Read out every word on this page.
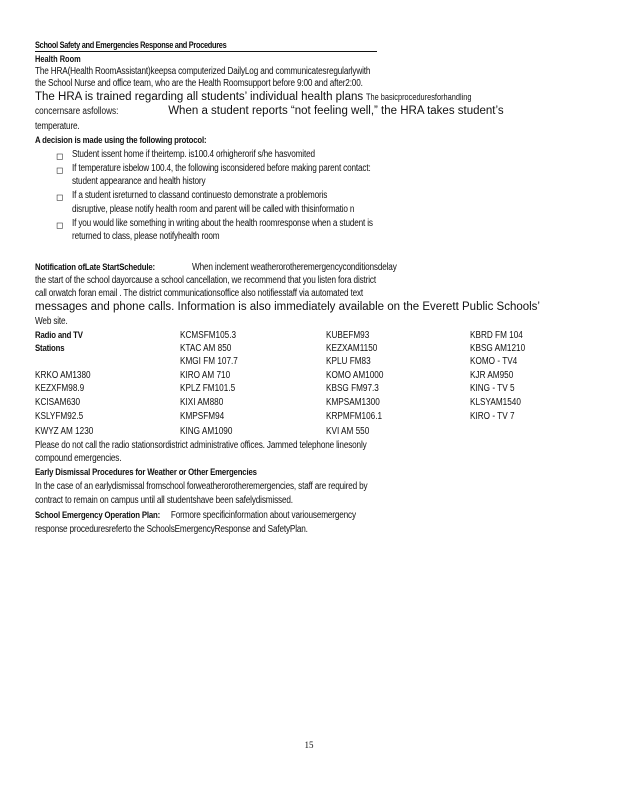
School Safety and Emergencies Response and Procedures
Health Room
The HRA(Health RoomAssistant)keepsa computerized DailyLog and communicatesregularlywith
the School Nurse and office team, who are the Health Roomsupport before 9:00 and after2:00.
The HRA is trained regarding all students’ individual health plans The basicproceduresforhandling
concernsare asfollows:	When a student reports “not feeling well,” the HRA takes student’s
temperature.
A decision is made using the following protocol:
◻ Student issent home if theirtemp. is100.4 orhigherorif s/he hasvomited
◻ If temperature isbelow 100.4, the following isconsidered before making parent contact:
student appearance and health history
◻ If a student isreturned to classand continuesto demonstrate a problemoris
disruptive, please notify health room and parent will be called with thisinformatio n
◻ If you would like something in writing about the health roomresponse when a student is
returned to class, please notifyhealth room
Notification ofLate StartSchedule:	When inclement weatherorotheremergencyconditionsdelay
the start of the school dayorcause a school cancellation, we recommend that you listen fora district
call orwatch foran email . The district communicationsoffice also notifiesstaff via automated text
messages and phone calls. Information is also immediately available on the Everett Public Schools’
Web site.
Radio and TV
Stations
KCMSFM105.3
KTAC AM 850
KMGI FM 107.7
KIRO AM 710
KPLZ FM101.5
KIXI AM880
KMPSFM94
KING AM1090
KUBEFM93
KEZXAM1150
KPLU FM83
KOMO AM1000
KBSG FM97.3
KMPSAM1300
KRPMFM106.1
KVI AM 550
KBRD FM 104
KBSG AM1210
KOMO - TV4
KJR AM950
KING - TV 5
KLSYAM1540
KIRO - TV 7
KRKO AM1380
KEZXFM98.9
KCISAM630
KSLYFM92.5
KWYZ AM 1230
Please do not call the radio stationsordistrict administrative offices. Jammed telephone linesonly
compound emergencies.
Early Dismissal Procedures for Weather or Other Emergencies
In the case of an earlydismissal fromschool forweatherorotheremergencies, staff are required by
contract to remain on campus until all studentshave been safelydismissed.
School Emergency Operation Plan: Formore specificinformation about variousemergency
response proceduresreferto the SchoolsEmergencyResponse and SafetyPlan.
15
